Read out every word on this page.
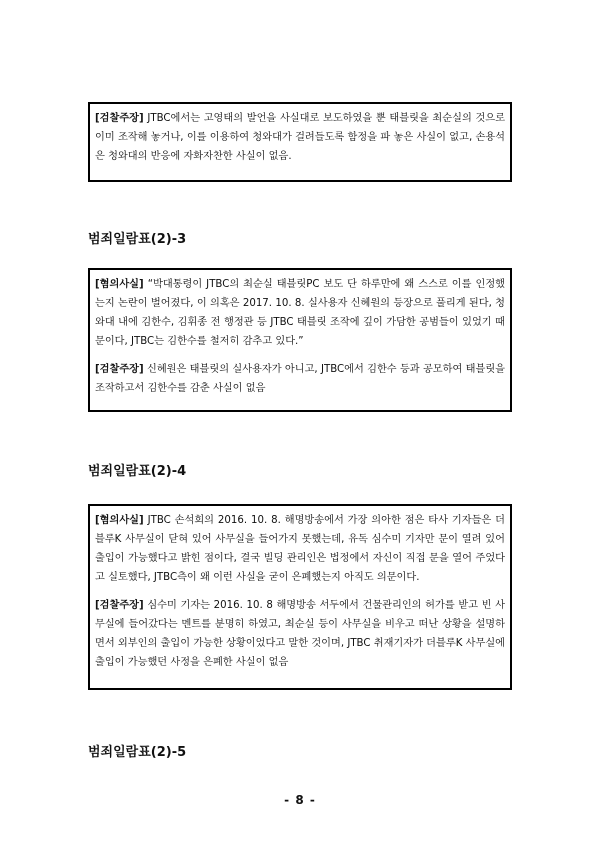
[검찰주장] JTBC에서는 고영태의 발언을 사실대로 보도하였을 뿐 태블릿을 최순실의 것으로 이미 조작해 놓거나, 이를 이용하여 청와대가 걸려들도록 함정을 파 놓은 사실이 없고, 손용석은 청와대의 반응에 자화자찬한 사실이 없음.

범죄일람표(2)-3

[혐의사실] “박대통령이 JTBC의 최순실 태블릿PC 보도 단 하루만에 왜 스스로 이를 인정했는지 논란이 벌어졌다, 이 의혹은 2017. 10. 8. 실사용자 신혜원의 등장으로 풀리게 된다, 청와대 내에 김한수, 김휘종 전 행정관 등 JTBC 태블릿 조작에 깊이 가담한 공범들이 있었기 때문이다, JTBC는 김한수를 철저히 감추고 있다.”

[검찰주장] 신혜원은 태블릿의 실사용자가 아니고, JTBC에서 김한수 등과 공모하여 태블릿을 조작하고서 김한수를 감춘 사실이 없음

범죄일람표(2)-4

[혐의사실] JTBC 손석희의 2016. 10. 8. 해명방송에서 가장 의아한 점은 타사 기자들은 더블루K 사무실이 닫혀 있어 사무실을 들어가지 못했는데, 유독 심수미 기자만 문이 열려 있어 출입이 가능했다고 밝힌 점이다, 결국 빌딩 관리인은 법정에서 자신이 직접 문을 열어 주었다고 실토했다, JTBC측이 왜 이런 사실을 굳이 은폐했는지 아직도 의문이다.

[검찰주장] 심수미 기자는 2016. 10. 8 해명방송 서두에서 건물관리인의 허가를 받고 빈 사무실에 들어갔다는 멘트를 분명히 하였고, 최순실 등이 사무실을 비우고 떠난 상황을 설명하면서 외부인의 출입이 가능한 상황이었다고 말한 것이며, JTBC 취재기자가 더블루K 사무실에 출입이 가능했던 사정을 은폐한 사실이 없음

범죄일람표(2)-5
- 8 -
